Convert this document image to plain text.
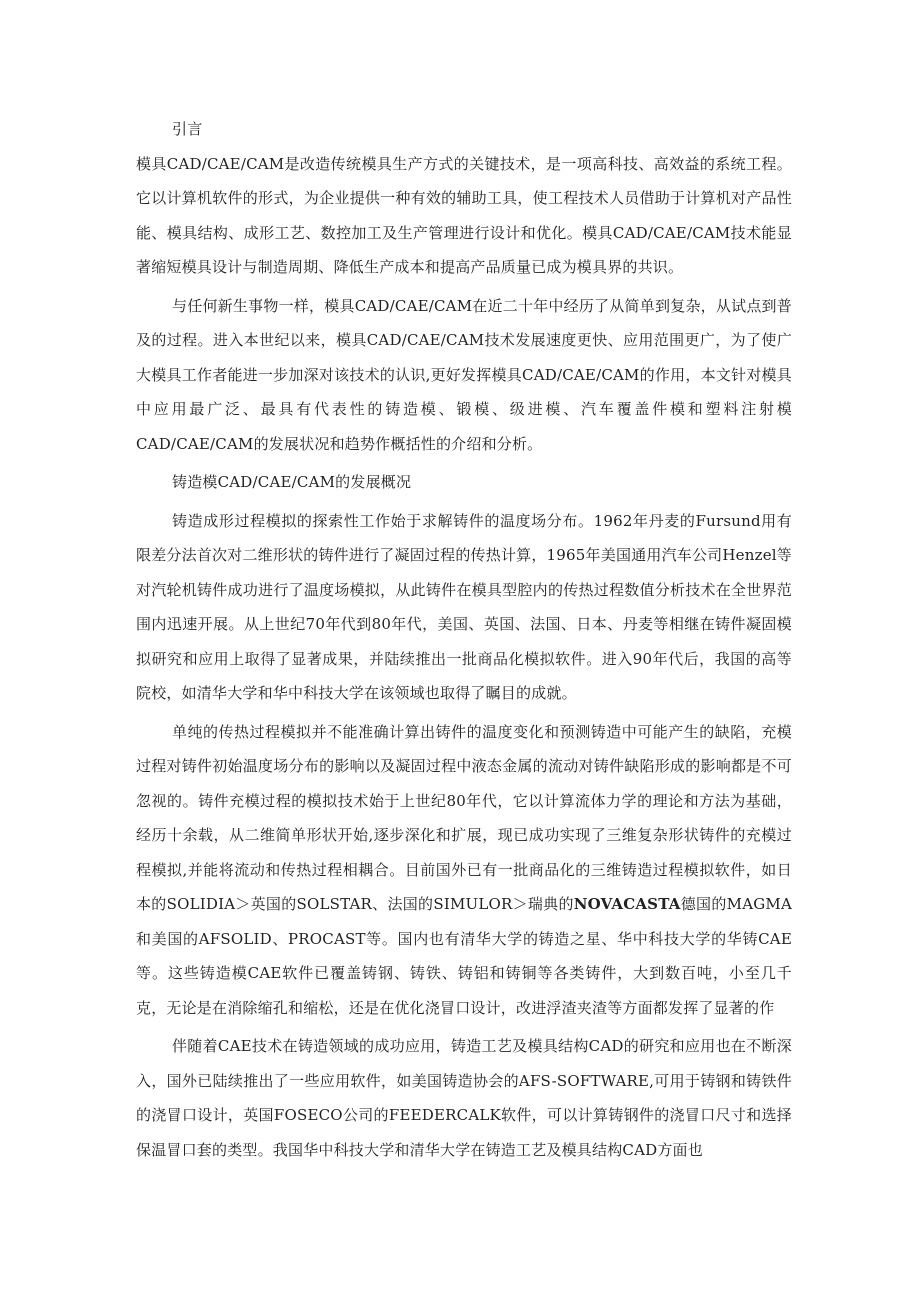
引言

模具CAD/CAE/CAM是改造传统模具生产方式的关键技术，是一项高科技、高效益的系统工程。它以计算机软件的形式，为企业提供一种有效的辅助工具，使工程技术人员借助于计算机对产品性能、模具结构、成形工艺、数控加工及生产管理进行设计和优化。模具CAD/CAE/CAM技术能显著缩短模具设计与制造周期、降低生产成本和提高产品质量已成为模具界的共识。

与任何新生事物一样，模具CAD/CAE/CAM在近二十年中经历了从简单到复杂，从试点到普及的过程。进入本世纪以来，模具CAD/CAE/CAM技术发展速度更快、应用范围更广，为了使广大模具工作者能进一步加深对该技术的认识,更好发挥模具CAD/CAE/CAM的作用，本文针对模具中应用最广泛、最具有代表性的铸造模、锻模、级进模、汽车覆盖件模和塑料注射模CAD/CAE/CAM的发展状况和趋势作概括性的介绍和分析。

铸造模CAD/CAE/CAM的发展概况

铸造成形过程模拟的探索性工作始于求解铸件的温度场分布。1962年丹麦的Fursund用有限差分法首次对二维形状的铸件进行了凝固过程的传热计算，1965年美国通用汽车公司Henzel等对汽轮机铸件成功进行了温度场模拟，从此铸件在模具型腔内的传热过程数值分析技术在全世界范围内迅速开展。从上世纪70年代到80年代，美国、英国、法国、日本、丹麦等相继在铸件凝固模拟研究和应用上取得了显著成果，并陆续推出一批商品化模拟软件。进入90年代后，我国的高等院校，如清华大学和华中科技大学在该领域也取得了瞩目的成就。

单纯的传热过程模拟并不能准确计算出铸件的温度变化和预测铸造中可能产生的缺陷，充模过程对铸件初始温度场分布的影响以及凝固过程中液态金属的流动对铸件缺陷形成的影响都是不可忽视的。铸件充模过程的模拟技术始于上世纪80年代，它以计算流体力学的理论和方法为基础，经历十余载，从二维简单形状开始,逐步深化和扩展，现已成功实现了三维复杂形状铸件的充模过程模拟,并能将流动和传热过程相耦合。目前国外已有一批商品化的三维铸造过程模拟软件，如日本的SOLIDIA＞英国的SOLSTAR、法国的SIMULOR＞瑞典的NOVACASTA德国的MAGMA和美国的AFSOLID、PROCAST等。国内也有清华大学的铸造之星、华中科技大学的华铸CAE等。这些铸造模CAE软件已覆盖铸钢、铸铁、铸铝和铸铜等各类铸件，大到数百吨，小至几千克，无论是在消除缩孔和缩松，还是在优化浇冒口设计，改进浮渣夹渣等方面都发挥了显著的作

伴随着CAE技术在铸造领域的成功应用，铸造工艺及模具结构CAD的研究和应用也在不断深入，国外已陆续推出了一些应用软件，如美国铸造协会的AFS-SOFTWARE,可用于铸钢和铸铁件的浇冒口设计，英国FOSECO公司的FEEDERCALK软件，可以计算铸钢件的浇冒口尺寸和选择保温冒口套的类型。我国华中科技大学和清华大学在铸造工艺及模具结构CAD方面也
